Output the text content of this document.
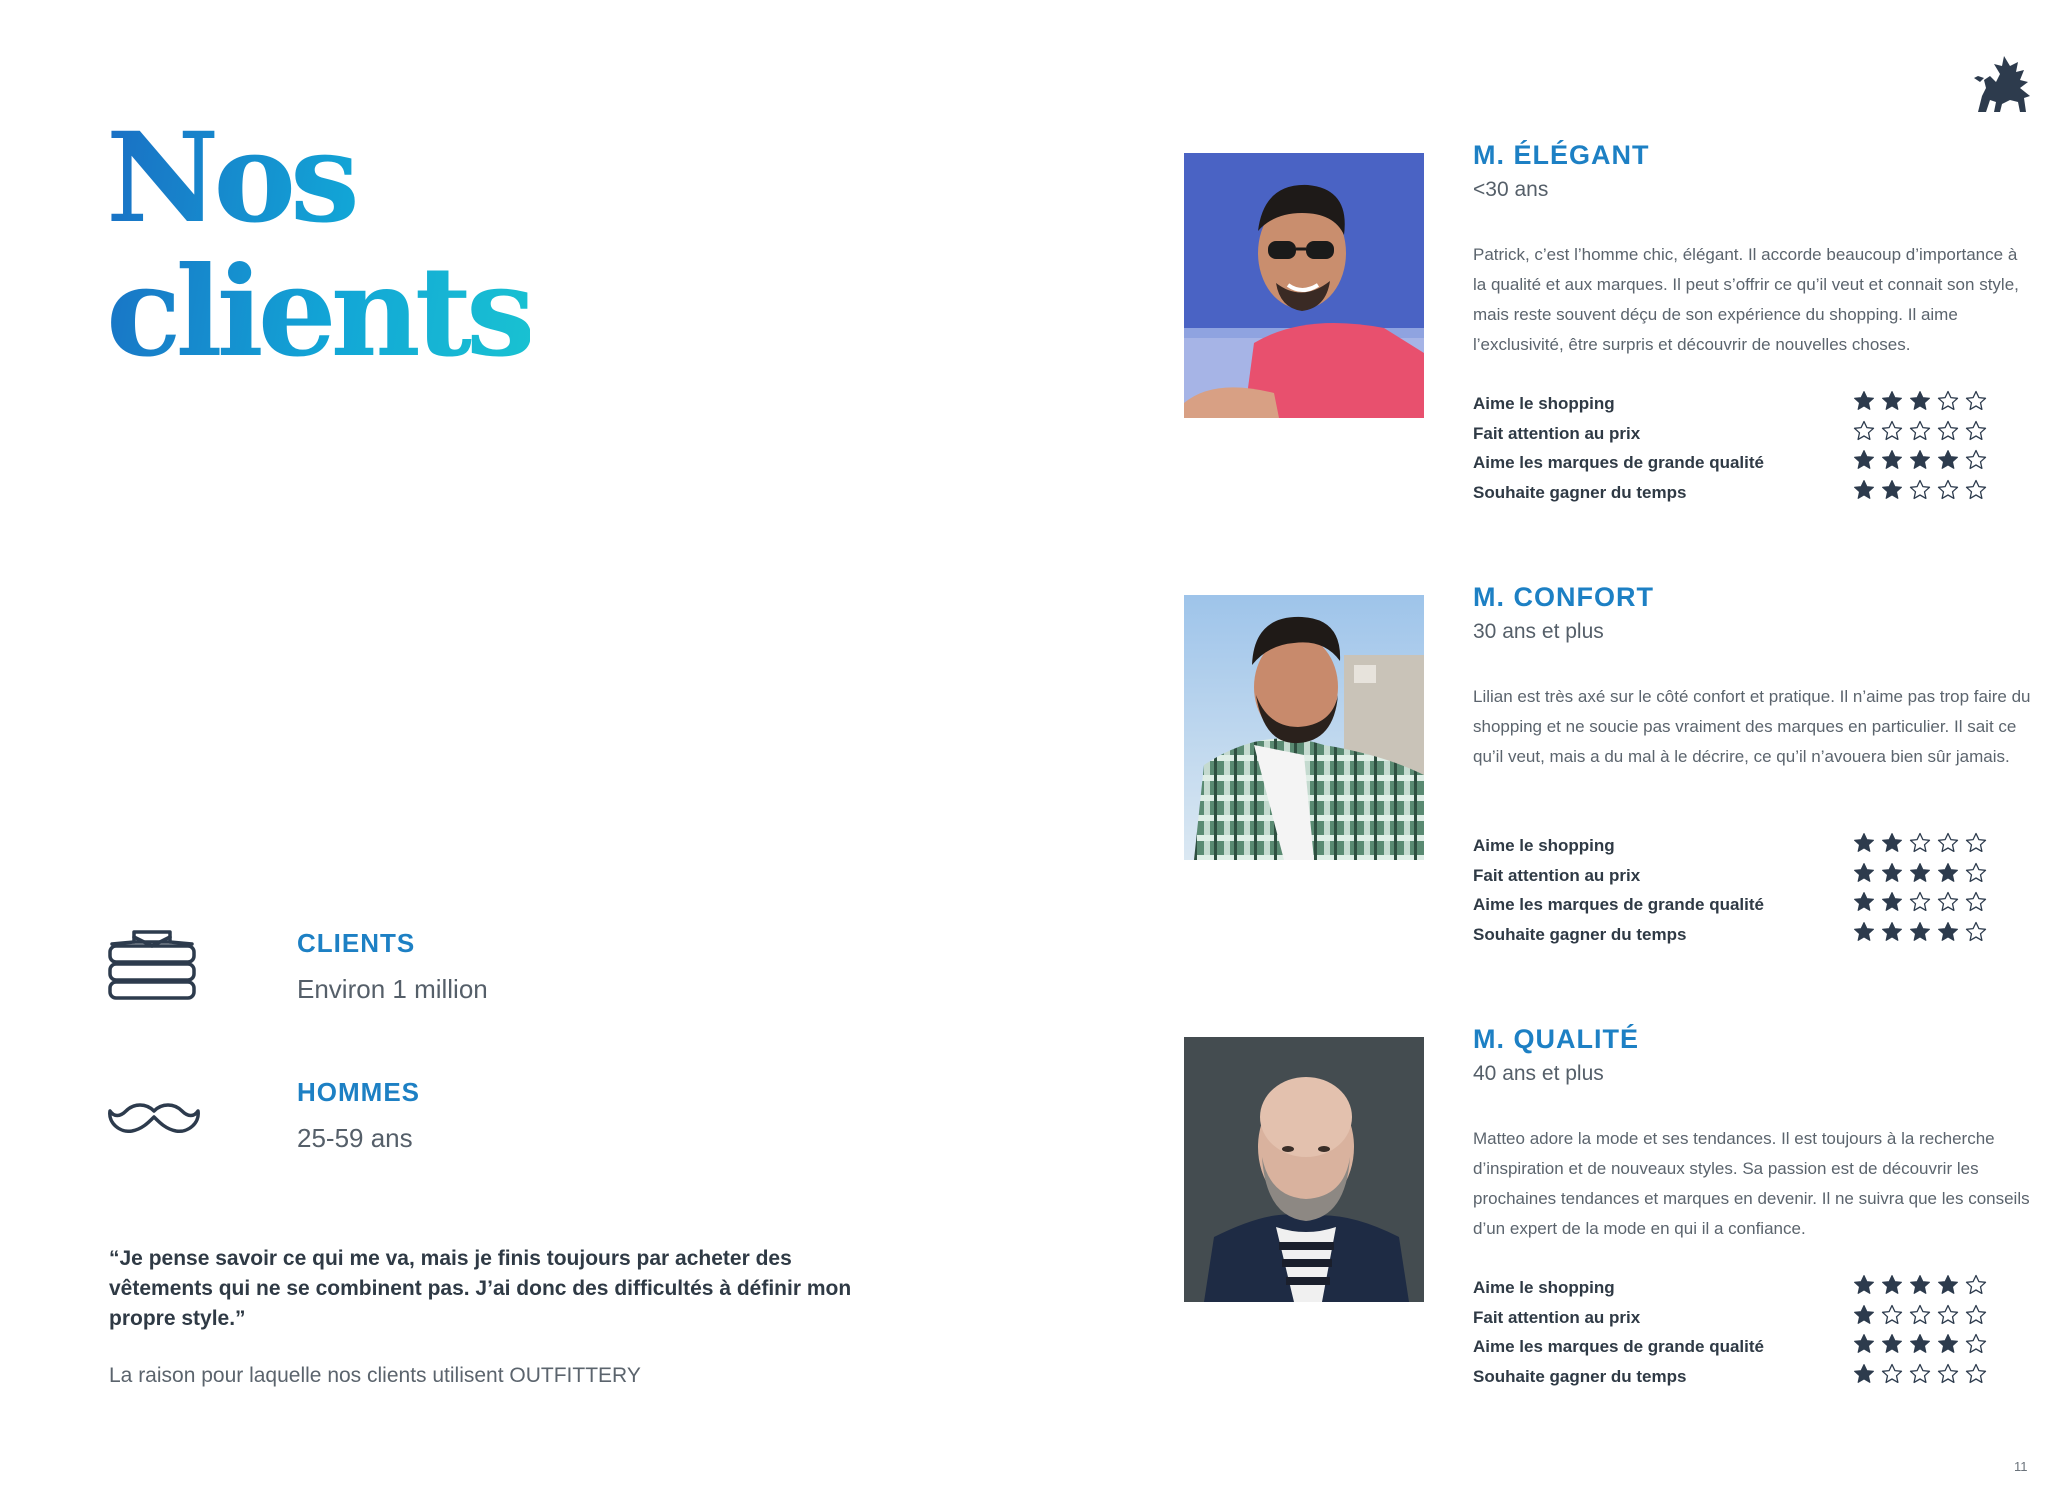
Nos
clients
CLIENTS
Environ 1 million
HOMMES
25-59 ans
“Je pense savoir ce qui me va, mais je finis toujours par acheter des vêtements qui ne se combinent pas. J’ai donc des difficultés à définir mon propre style.”
La raison pour laquelle nos clients utilisent OUTFITTERY
M. ÉLÉGANT
<30 ans
Patrick, c’est l’homme chic, élégant. Il accorde beaucoup d’importance à la qualité et aux marques. Il peut s’offrir ce qu’il veut et connait son style, mais reste souvent déçu de son expérience du shopping. Il aime l’exclusivité, être surpris et découvrir de nouvelles choses.
Aime le shopping
Fait attention au prix
Aime les marques de grande qualité
Souhaite gagner du temps
M. CONFORT
30 ans et plus
Lilian est très axé sur le côté confort et pratique. Il n’aime pas trop faire du shopping et ne soucie pas vraiment des marques en particulier. Il sait ce qu’il veut, mais a du mal à le décrire, ce qu’il n’avouera bien sûr jamais.
Aime le shopping
Fait attention au prix
Aime les marques de grande qualité
Souhaite gagner du temps
M. QUALITÉ
40 ans et plus
Matteo adore la mode et ses tendances. Il est toujours à la recherche d’inspiration et de nouveaux styles. Sa passion est de découvrir les prochaines tendances et marques en devenir. Il ne suivra que les conseils d’un expert de la mode en qui il a confiance.
Aime le shopping
Fait attention au prix
Aime les marques de grande qualité
Souhaite gagner du temps
11
